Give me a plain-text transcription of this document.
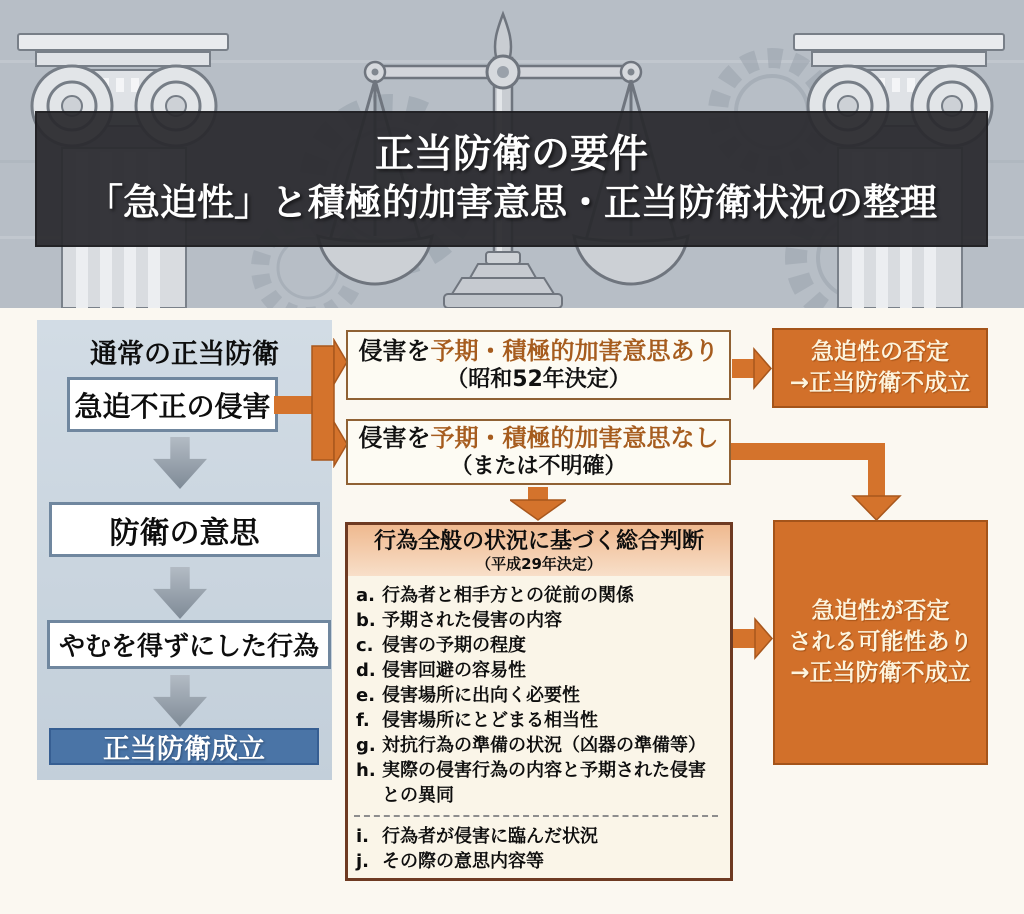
正当防衛の要件
「急迫性」と積極的加害意思・正当防衛状況の整理
通常の正当防衛
急迫不正の侵害
防衛の意思
やむを得ずにした行為
正当防衛成立
侵害を予期・積極的加害意思あり
（昭和52年決定）
侵害を予期・積極的加害意思なし
（または不明確）
行為全般の状況に基づく総合判断
（平成29年決定）
a. 行為者と相手方との従前の関係
b. 予期された侵害の内容
c. 侵害の予期の程度
d. 侵害回避の容易性
e. 侵害場所に出向く必要性
f. 侵害場所にとどまる相当性
g. 対抗行為の準備の状況（凶器の準備等）
h. 実際の侵害行為の内容と予期された侵害との異同
i. 行為者が侵害に臨んだ状況
j. その際の意思内容等
急迫性の否定
→正当防衛不成立
急迫性が否定
される可能性あり
→正当防衛不成立
